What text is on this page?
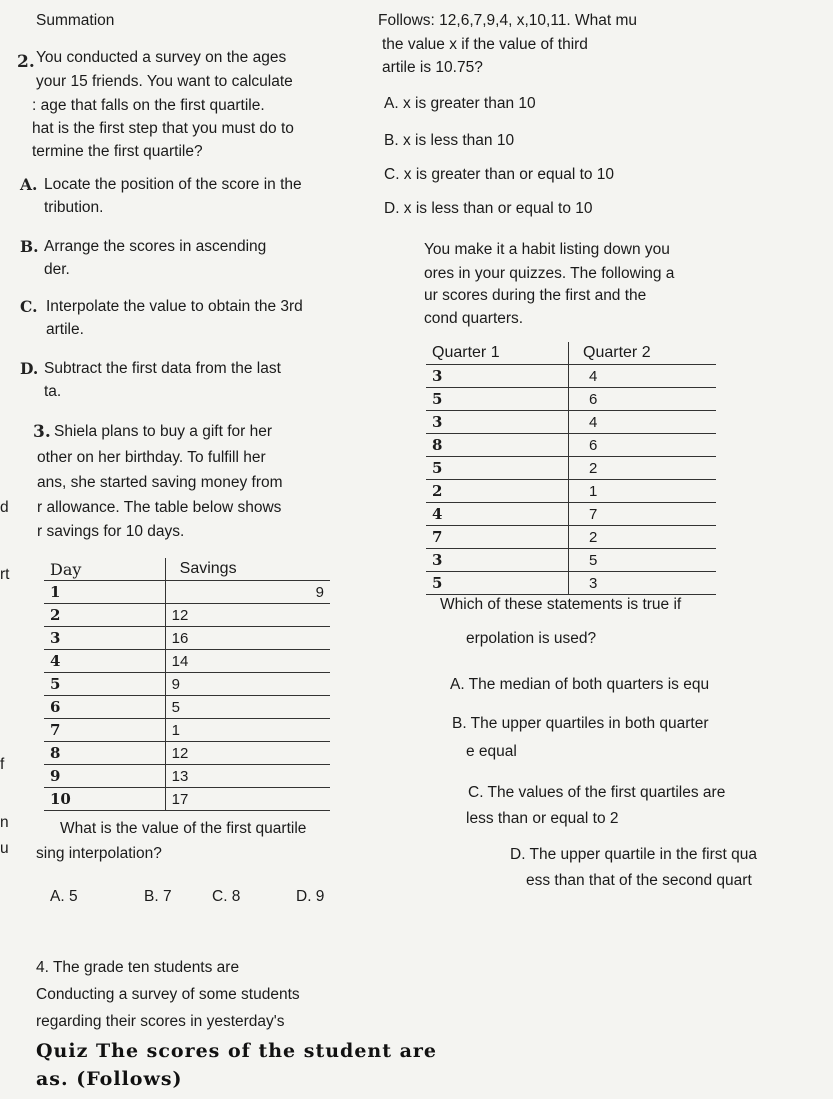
Summation
2. You conducted a survey on the ages
your 15 friends. You want to calculate
: age that falls on the first quartile.
hat is the first step that you must do to
termine the first quartile?
A. Locate the position of the score in the
tribution.
B. Arrange the scores in ascending
der.
C. Interpolate the value to obtain the 3rd
artile.
D. Subtract the first data from the last
ta.
3. Shiela plans to buy a gift for her
other on her birthday. To fulfill her
ans, she started saving money from
r allowance. The table below shows
r savings for 10 days.
d
rt
f
n
u
Day	Savings
1	9
2	12
3	16
4	14
5	9
6	5
7	1
8	12
9	13
10	17
What is the value of the first quartile
sing interpolation?
A. 5	B. 7	C. 8	D. 9
4. The grade ten students are
Conducting a survey of some students
regarding their scores in yesterday's
Quiz The scores of the student are
as. (Follows)
Follows: 12,6,7,9,4, x,10,11. What mu
the value x if the value of third
artile is 10.75?
A. x is greater than 10
B. x is less than 10
C. x is greater than or equal to 10
D. x is less than or equal to 10
You make it a habit listing down you
ores in your quizzes. The following a
ur scores during the first and the
cond quarters.
Quarter 1	Quarter 2
3	4
5	6
3	4
8	6
5	2
2	1
4	7
7	2
3	5
5	3
Which of these statements is true if
erpolation is used?
A. The median of both quarters is equ
B. The upper quartiles in both quarter
e equal
C. The values of the first quartiles are
less than or equal to 2
D. The upper quartile in the first qua
ess than that of the second quart
